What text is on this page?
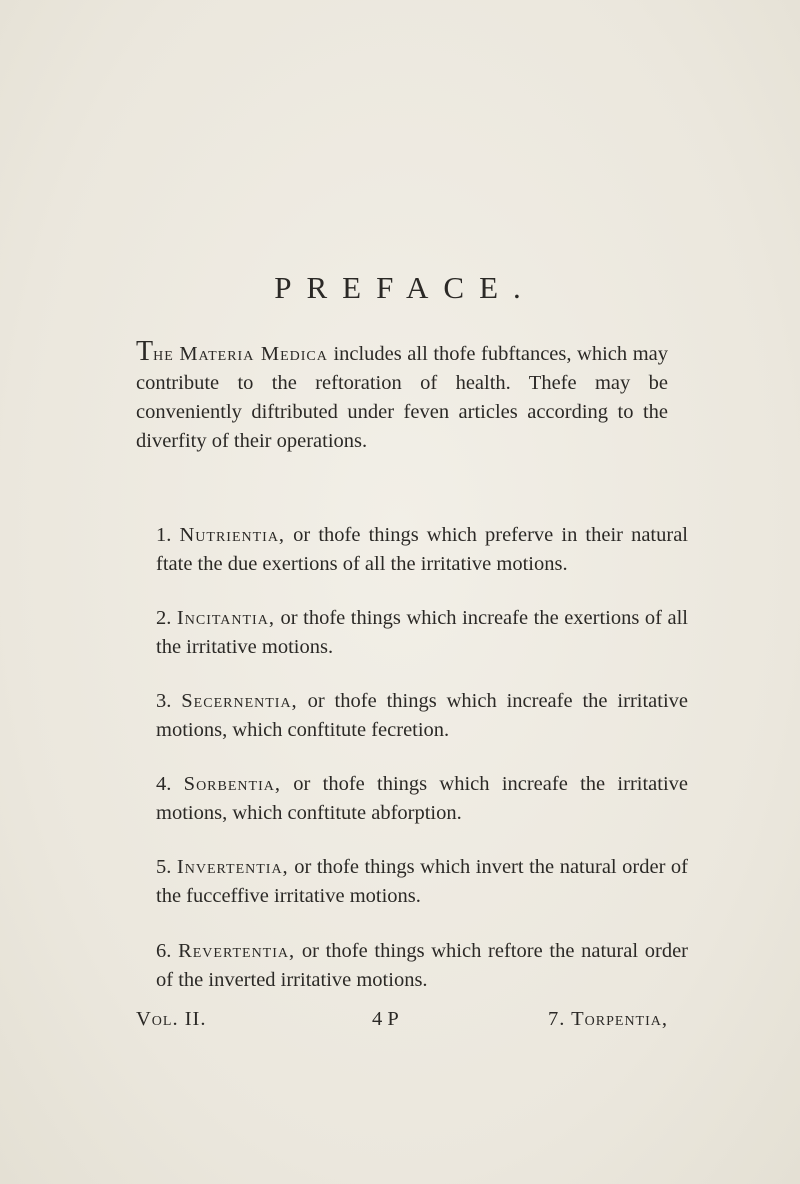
PREFACE.

The Materia Medica includes all thofe fubftances, which may contribute to the reftoration of health. Thefe may be conveniently diftributed under feven articles according to the diverfity of their operations.

1. Nutrientia, or thofe things which preferve in their natural ftate the due exertions of all the irritative motions.

2. Incitantia, or thofe things which increafe the exertions of all the irritative motions.

3. Secernentia, or thofe things which increafe the irritative motions, which conftitute fecretion.

4. Sorbentia, or thofe things which increafe the irritative motions, which conftitute abforption.

5. Invertentia, or thofe things which invert the natural order of the fucceffive irritative motions.

6. Revertentia, or thofe things which reftore the natural order of the inverted irritative motions.

Vol. II.	4 P	7. Torpentia,
